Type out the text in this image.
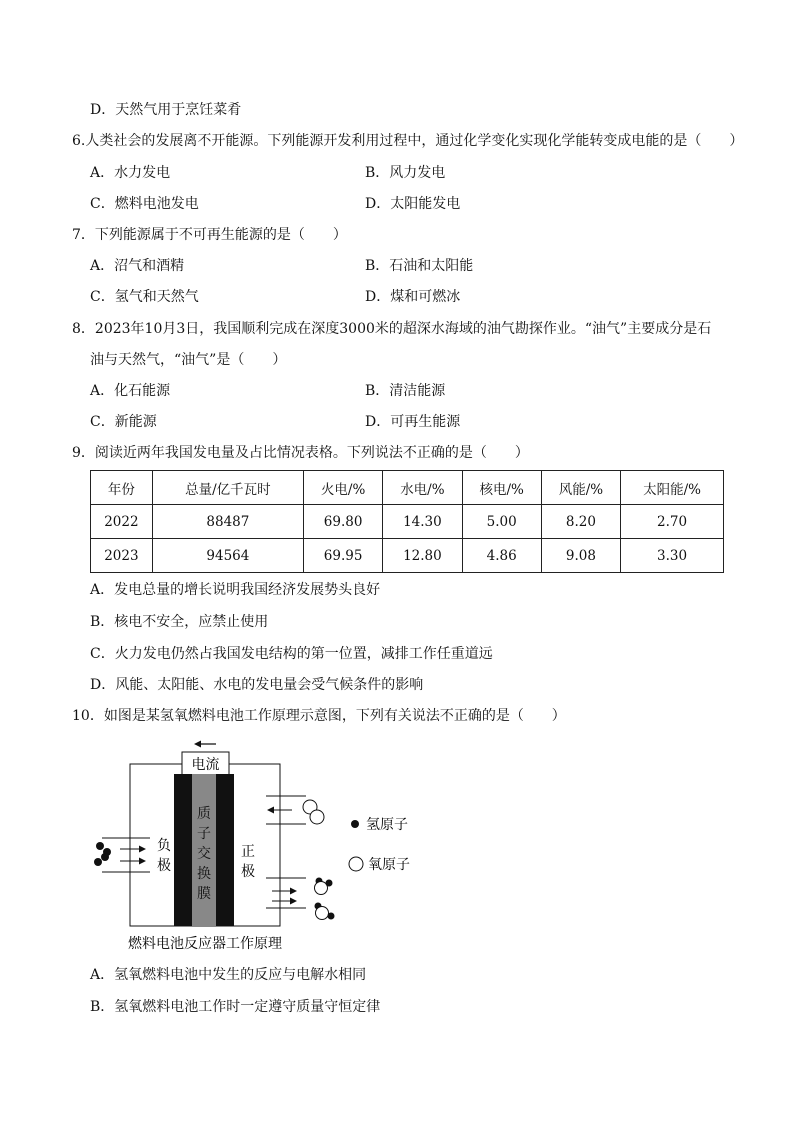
D．天然气用于烹饪菜肴
6.人类社会的发展离不开能源。下列能源开发利用过程中，通过化学变化实现化学能转变成电能的是（　　）
A．水力发电	B．风力发电
C．燃料电池发电	D．太阳能发电
7．下列能源属于不可再生能源的是（　　）
A．沼气和酒精	B．石油和太阳能
C．氢气和天然气	D．煤和可燃冰
8．2023年10月3日，我国顺利完成在深度3000米的超深水海域的油气勘探作业。“油气”主要成分是石
油与天然气，“油气”是（　　）
A．化石能源	B．清洁能源
C．新能源	D．可再生能源
9．阅读近两年我国发电量及占比情况表格。下列说法不正确的是（　　）
年份	总量/亿千瓦时	火电/%	水电/%	核电/%	风能/%	太阳能/%
2022	88487	69.80	14.30	5.00	8.20	2.70
2023	94564	69.95	12.80	4.86	9.08	3.30
A．发电总量的增长说明我国经济发展势头良好
B．核电不安全，应禁止使用
C．火力发电仍然占我国发电结构的第一位置，减排工作任重道远
D．风能、太阳能、水电的发电量会受气候条件的影响
10．如图是某氢氧燃料电池工作原理示意图，下列有关说法不正确的是（　　）
电流
质
子
交
换
膜
负
极
正
极
氢原子
氧原子
燃料电池反应器工作原理
A．氢氧燃料电池中发生的反应与电解水相同
B．氢氧燃料电池工作时一定遵守质量守恒定律
